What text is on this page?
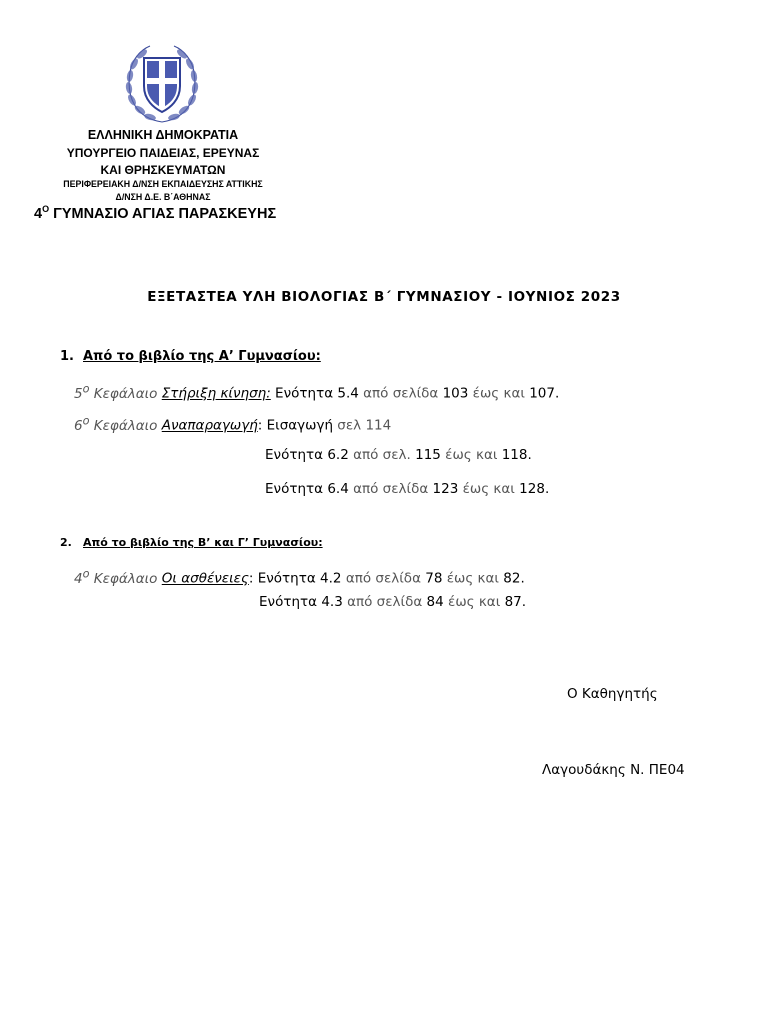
ΕΛΛΗΝΙΚΗ ΔΗΜΟΚΡΑΤΙΑ
ΥΠΟΥΡΓΕΙΟ ΠΑΙΔΕΙΑΣ, ΕΡΕΥΝΑΣ
ΚΑΙ ΘΡΗΣΚΕΥΜΑΤΩΝ
ΠΕΡΙΦΕΡΕΙΑΚΗ Δ/ΝΣΗ ΕΚΠΑΙΔΕΥΣΗΣ ΑΤΤΙΚΗΣ
Δ/ΝΣΗ Δ.Ε. Β΄ΑΘΗΝΑΣ
$4^O$ ΓΥΜΝΑΣΙΟ ΑΓΙΑΣ ΠΑΡΑΣΚΕΥΗΣ
ΕΞΕΤΑΣΤΕΑ ΥΛΗ ΒΙΟΛΟΓΙΑΣ Β΄ ΓΥΜΝΑΣΙΟΥ - ΙΟΥΝΙΟΣ 2023
1. Από το βιβλίο της Α’ Γυμνασίου:
$5^o$ Κεφάλαιο Στήριξη κίνηση: Ενότητα 5.4 από σελίδα 103 έως και 107.
$6^o$ Κεφάλαιο Αναπαραγωγή: Εισαγωγή σελ 114
Ενότητα 6.2 από σελ. 115 έως και 118.
Ενότητα 6.4 από σελίδα 123 έως και 128.
2. Από το βιβλίο της Β’ και Γ’ Γυμνασίου:
$4^o$ Κεφάλαιο Οι ασθένειες: Ενότητα 4.2 από σελίδα 78 έως και 82.
Ενότητα 4.3 από σελίδα 84 έως και 87.
Ο Καθηγητής
Λαγουδάκης Ν. ΠΕ04
